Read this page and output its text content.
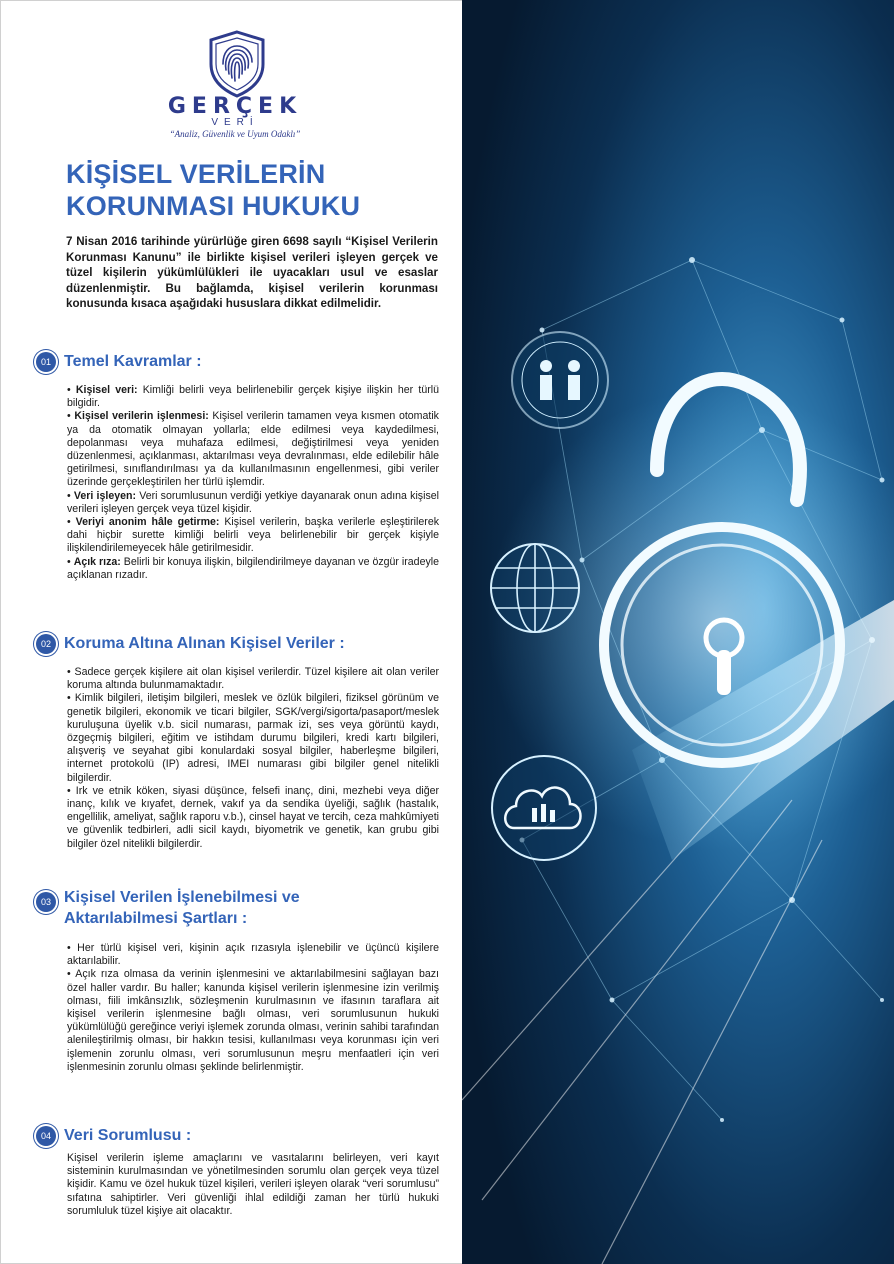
GERÇEK
VERİ
“Analiz, Güvenlik ve Uyum Odaklı”
KİŞİSEL VERİLERİN
KORUNMASI HUKUKU
7 Nisan 2016 tarihinde yürürlüğe giren 6698 sayılı “Kişisel Verilerin Korunması Kanunu” ile birlikte kişisel verileri işleyen gerçek ve tüzel kişilerin yükümlülükleri ile uyacakları usul ve esaslar düzenlenmiştir. Bu bağlamda, kişisel verilerin korunması konusunda kısaca aşağıdaki hususlara dikkat edilmelidir.
01 Temel Kavramlar :

• Kişisel veri: Kimliği belirli veya belirlenebilir gerçek kişiye ilişkin her türlü bilgidir.

• Kişisel verilerin işlenmesi: Kişisel verilerin tamamen veya kısmen otomatik ya da otomatik olmayan yollarla; elde edilmesi veya kaydedilmesi, depolanması veya muhafaza edilmesi, değiştirilmesi veya yeniden düzenlenmesi, açıklanması, aktarılması veya devralınması, elde edilebilir hâle getirilmesi, sınıflandırılması ya da kullanılmasının engellenmesi, gibi veriler üzerinde gerçekleştirilen her türlü işlemdir.

• Veri işleyen: Veri sorumlusunun verdiği yetkiye dayanarak onun adına kişisel verileri işleyen gerçek veya tüzel kişidir.

• Veriyi anonim hâle getirme: Kişisel verilerin, başka verilerle eşleştirilerek dahi hiçbir surette kimliği belirli veya belirlenebilir bir gerçek kişiyle ilişkilendirilemeyecek hâle getirilmesidir.

• Açık rıza: Belirli bir konuya ilişkin, bilgilendirilmeye dayanan ve özgür iradeyle açıklanan rızadır.

02 Koruma Altına Alınan Kişisel Veriler :

• Sadece gerçek kişilere ait olan kişisel verilerdir. Tüzel kişilere ait olan veriler koruma altında bulunmamaktadır.

• Kimlik bilgileri, iletişim bilgileri, meslek ve özlük bilgileri, fiziksel görünüm ve genetik bilgileri, ekonomik ve ticari bilgiler, SGK/vergi/sigorta/pasaport/meslek kuruluşuna üyelik v.b. sicil numarası, parmak izi, ses veya görüntü kaydı, özgeçmiş bilgileri, eğitim ve istihdam durumu bilgileri, kredi kartı bilgileri, alışveriş ve seyahat gibi konulardaki sosyal bilgiler, haberleşme bilgileri, internet protokolü (IP) adresi, IMEI numarası gibi bilgiler genel nitelikli bilgilerdir.

• Irk ve etnik köken, siyasi düşünce, felsefi inanç, dini, mezhebi veya diğer inanç, kılık ve kıyafet, dernek, vakıf ya da sendika üyeliği, sağlık (hastalık, engellilik, ameliyat, sağlık raporu v.b.), cinsel hayat ve tercih, ceza mahkûmiyeti ve güvenlik tedbirleri, adli sicil kaydı, biyometrik ve genetik, kan grubu gibi bilgiler özel nitelikli bilgilerdir.

03 Kişisel Verilen İşlenebilmesi ve
Aktarılabilmesi Şartları :

• Her türlü kişisel veri, kişinin açık rızasıyla işlenebilir ve üçüncü kişilere aktarılabilir.

• Açık rıza olmasa da verinin işlenmesini ve aktarılabilmesini sağlayan bazı özel haller vardır. Bu haller; kanunda kişisel verilerin işlenmesine izin verilmiş olması, fiili imkânsızlık, sözleşmenin kurulmasının ve ifasının taraflara ait kişisel verilerin işlenmesine bağlı olması, veri sorumlusunun hukuki yükümlülüğü gereğince veriyi işlemek zorunda olması, verinin sahibi tarafından alenileştirilmiş olması, bir hakkın tesisi, kullanılması veya korunması için veri işlemenin zorunlu olması, veri sorumlusunun meşru menfaatleri için veri işlenmesinin zorunlu olması şeklinde belirlenmiştir.

04 Veri Sorumlusu :

Kişisel verilerin işleme amaçlarını ve vasıtalarını belirleyen, veri kayıt sisteminin kurulmasından ve yönetilmesinden sorumlu olan gerçek veya tüzel kişidir. Kamu ve özel hukuk tüzel kişileri, verileri işleyen olarak “veri sorumlusu” sıfatına sahiptirler. Veri güvenliği ihlal edildiği zaman her türlü hukuki sorumluluk tüzel kişiye ait olacaktır.
